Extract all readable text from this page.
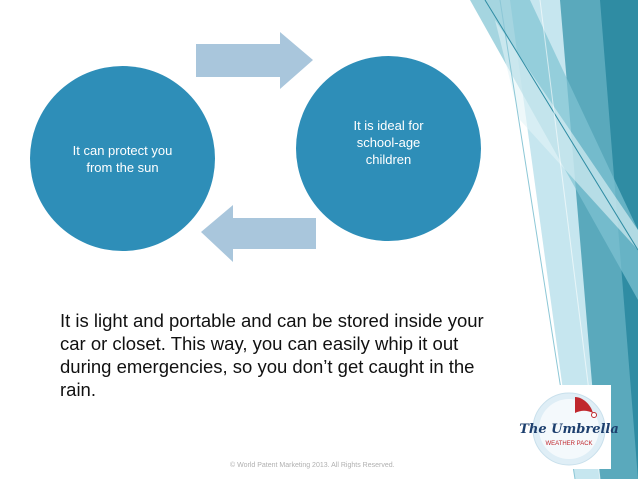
It can protect you from the sun
It is ideal for school-age children
It is light and portable and can be stored inside your car or closet. This way, you can easily whip it out during emergencies, so you don’t get caught in the rain.
The Umbrella
WEATHER PACK
© World Patent Marketing 2013. All Rights Reserved.
